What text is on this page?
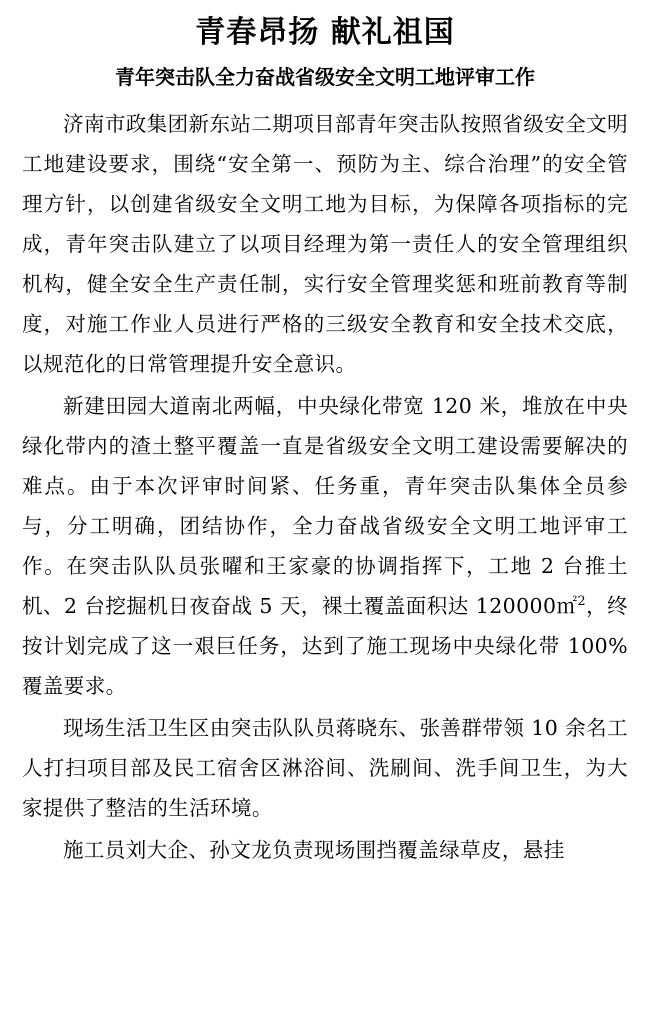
青春昂扬 献礼祖国
青年突击队全力奋战省级安全文明工地评审工作

济南市政集团新东站二期项目部青年突击队按照省级安全文明工地建设要求，围绕“安全第一、预防为主、综合治理”的安全管理方针，以创建省级安全文明工地为目标，为保障各项指标的完成，青年突击队建立了以项目经理为第一责任人的安全管理组织机构，健全安全生产责任制，实行安全管理奖惩和班前教育等制度，对施工作业人员进行严格的三级安全教育和安全技术交底，以规范化的日常管理提升安全意识。

新建田园大道南北两幅，中央绿化带宽 120 米，堆放在中央绿化带内的渣土整平覆盖一直是省级安全文明工建设需要解决的难点。由于本次评审时间紧、任务重，青年突击队集体全员参与，分工明确，团结协作，全力奋战省级安全文明工地评审工作。在突击队队员张曜和王家豪的协调指挥下，工地 2 台推土机、2 台挖掘机日夜奋战 5 天，裸土覆盖面积达 120000㎡$^2$，终按计划完成了这一艰巨任务，达到了施工现场中央绿化带 100%覆盖要求。

现场生活卫生区由突击队队员蒋晓东、张善群带领 10 余名工人打扫项目部及民工宿舍区淋浴间、洗刷间、洗手间卫生，为大家提供了整洁的生活环境。

施工员刘大企、孙文龙负责现场围挡覆盖绿草皮，悬挂
